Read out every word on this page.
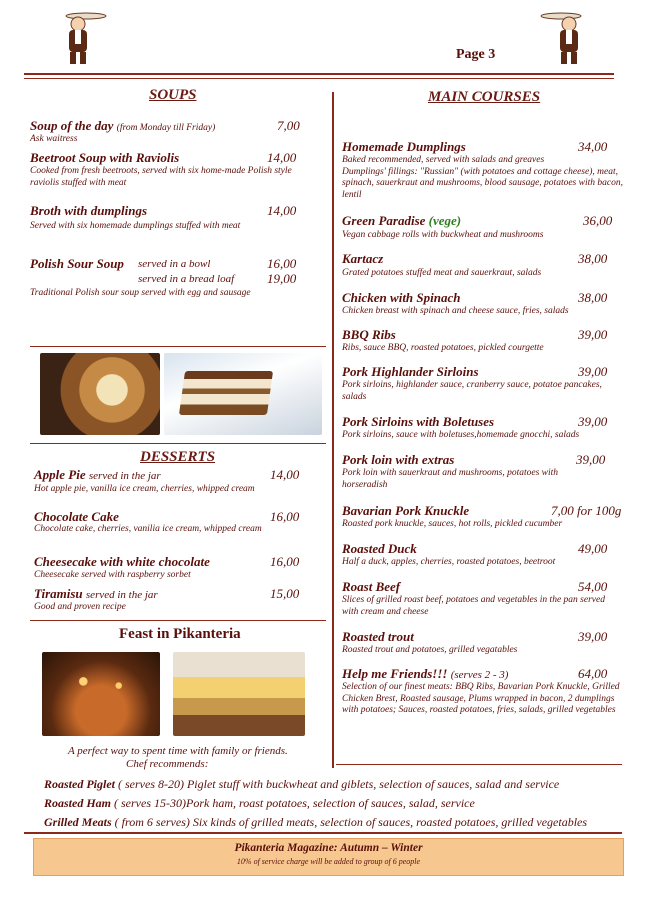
Page 3
SOUPS
Soup of the day (from Monday till Friday)	7,00
Ask waitress
Beetroot Soup with Raviolis	14,00
Cooked from fresh beetroots, served with six home-made Polish style raviolis stuffed with meat
Broth with dumplings	14,00
Served with six homemade dumplings stuffed with meat
Polish Sour Soup served in a bowl	16,00
served in a bread loaf	19,00
Traditional Polish sour soup served with egg and sausage
DESSERTS
Apple Pie served in the jar	14,00
Hot apple pie, vanilla ice cream, cherries, whipped cream
Chocolate Cake	16,00
Chocolate cake, cherries, vanilia ice cream, whipped cream
Cheesecake with white chocolate	16,00
Cheesecake served with raspberry sorbet
Tiramisu served in the jar	15,00
Good and proven recipe
Feast in Pikanteria
A perfect way to spent time with family or friends.
Chef recommends:
Roasted Piglet ( serves 8-20) Piglet stuff with buckwheat and giblets, selection of sauces, salad and service
Roasted Ham ( serves 15-30)Pork ham, roast potatoes, selection of sauces, salad, service
Grilled Meats ( from 6 serves) Six kinds of grilled meats, selection of sauces, roasted potatoes, grilled vegetables
MAIN COURSES
Homemade Dumplings	34,00
Baked recommended, served with salads and greaves
Dumplings' fillings: "Russian" (with potatoes and cottage cheese), meat, spinach, sauerkraut and mushrooms, blood sausage, potatoes with bacon, lentil
Green Paradise (vege)	36,00
Vegan cabbage rolls with buckwheat and mushrooms
Kartacz	38,00
Grated potatoes stuffed meat and sauerkraut, salads
Chicken with Spinach	38,00
Chicken breast with spinach and cheese sauce, fries, salads
BBQ Ribs	39,00
Ribs, sauce BBQ, roasted potatoes, pickled courgette
Pork Highlander Sirloins	39,00
Pork sirloins, highlander sauce, cranberry sauce, potatoe pancakes, salads
Pork Sirloins with Boletuses	39,00
Pork sirloins, sauce with boletuses,homemade gnocchi, salads
Pork loin with extras	39,00
Pork loin with sauerkraut and mushrooms, potatoes with horseradish
Bavarian Pork Knuckle	7,00 for 100g
Roasted pork knuckle, sauces, hot rolls, pickled cucumber
Roasted Duck	49,00
Half a duck, apples, cherries, roasted potatoes, beetroot
Roast Beef	54,00
Slices of grilled roast beef, potatoes and vegetables in the pan served with cream and cheese
Roasted trout	39,00
Roasted trout and potatoes, grilled vegatables
Help me Friends!!! (serves 2 - 3)	64,00
Selection of our finest meats: BBQ Ribs, Bavarian Pork Knuckle, Grilled Chicken Brest, Roasted sausage, Plums wrapped in bacon, 2 dumplings with potatoes; Sauces, roasted potatoes, fries, salads, grilled vegetables
Pikanteria Magazine: Autumn – Winter
10% of service charge will be added to group of 6 people
